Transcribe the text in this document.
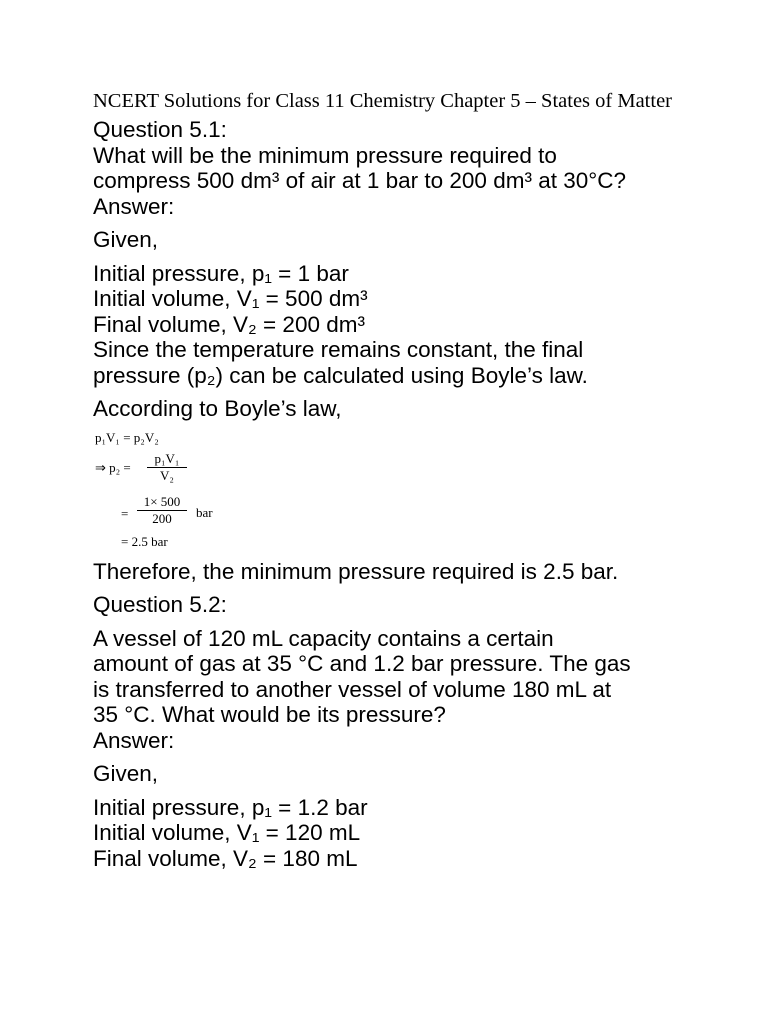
NCERT Solutions for Class 11 Chemistry Chapter 5 – States of Matter

Question 5.1:

What will be the minimum pressure required to

compress 500 dm³ of air at 1 bar to 200 dm³ at 30°C?

Answer:

Given,

Initial pressure, p₁ = 1 bar

Initial volume, V₁ = 500 dm³

Final volume, V₂ = 200 dm³

Since the temperature remains constant, the final

pressure (p₂) can be calculated using Boyle’s law.

According to Boyle’s law,

p₁V₁ = p₂V₂
⇒ p₂ =
p₁V₁
V₂
=
1× 500
200	bar
= 2.5 bar

Therefore, the minimum pressure required is 2.5 bar.

Question 5.2:

A vessel of 120 mL capacity contains a certain

amount of gas at 35 °C and 1.2 bar pressure. The gas

is transferred to another vessel of volume 180 mL at

35 °C. What would be its pressure?

Answer:

Given,

Initial pressure, p₁ = 1.2 bar

Initial volume, V₁ = 120 mL

Final volume, V₂ = 180 mL
